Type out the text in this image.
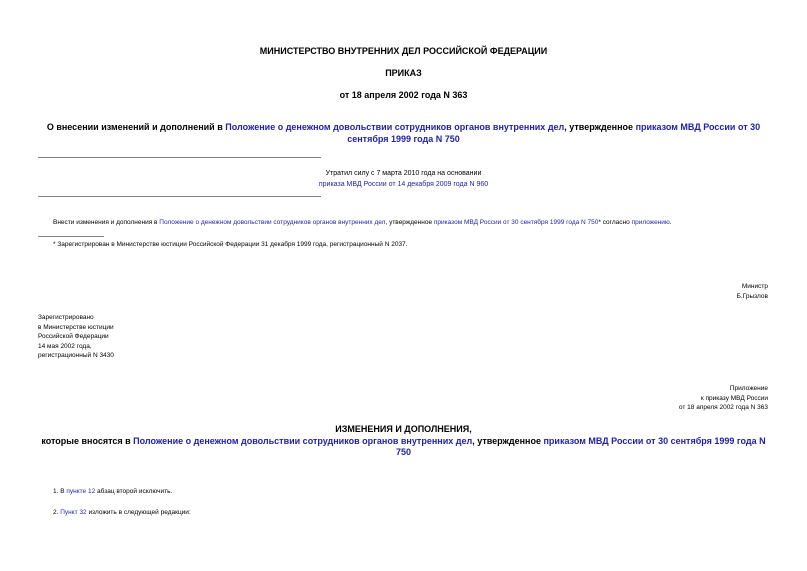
МИНИСТЕРСТВО ВНУТРЕННИХ ДЕЛ РОССИЙСКОЙ ФЕДЕРАЦИИ
ПРИКАЗ
от 18 апреля 2002 года N 363
О внесении изменений и дополнений в Положение о денежном довольствии сотрудников органов внутренних дел, утвержденное приказом МВД России от 30 сентября 1999 года N 750
Утратил силу с 7 марта 2010 года на основании
приказа МВД России от 14 декабря 2009 года N 960
Внести изменения и дополнения в Положение о денежном довольствии сотрудников органов внутренних дел, утвержденное приказом МВД России от 30 сентября 1999 года N 750* согласно приложению.
* Зарегистрирован в Министерстве юстиции Российской Федерации 31 декабря 1999 года, регистрационный N 2037.
Министр
Б.Грызлов
Зарегистрировано
в Министерстве юстиции
Российской Федерации
14 мая 2002 года,
регистрационный N 3430
Приложение
к приказу МВД России
от 18 апреля 2002 года N 363
ИЗМЕНЕНИЯ И ДОПОЛНЕНИЯ,
которые вносятся в Положение о денежном довольствии сотрудников органов внутренних дел, утвержденное приказом МВД России от 30 сентября 1999 года N 750
1. В пункте 12 абзац второй исключить.
2. Пункт 32 изложить в следующей редакции:
